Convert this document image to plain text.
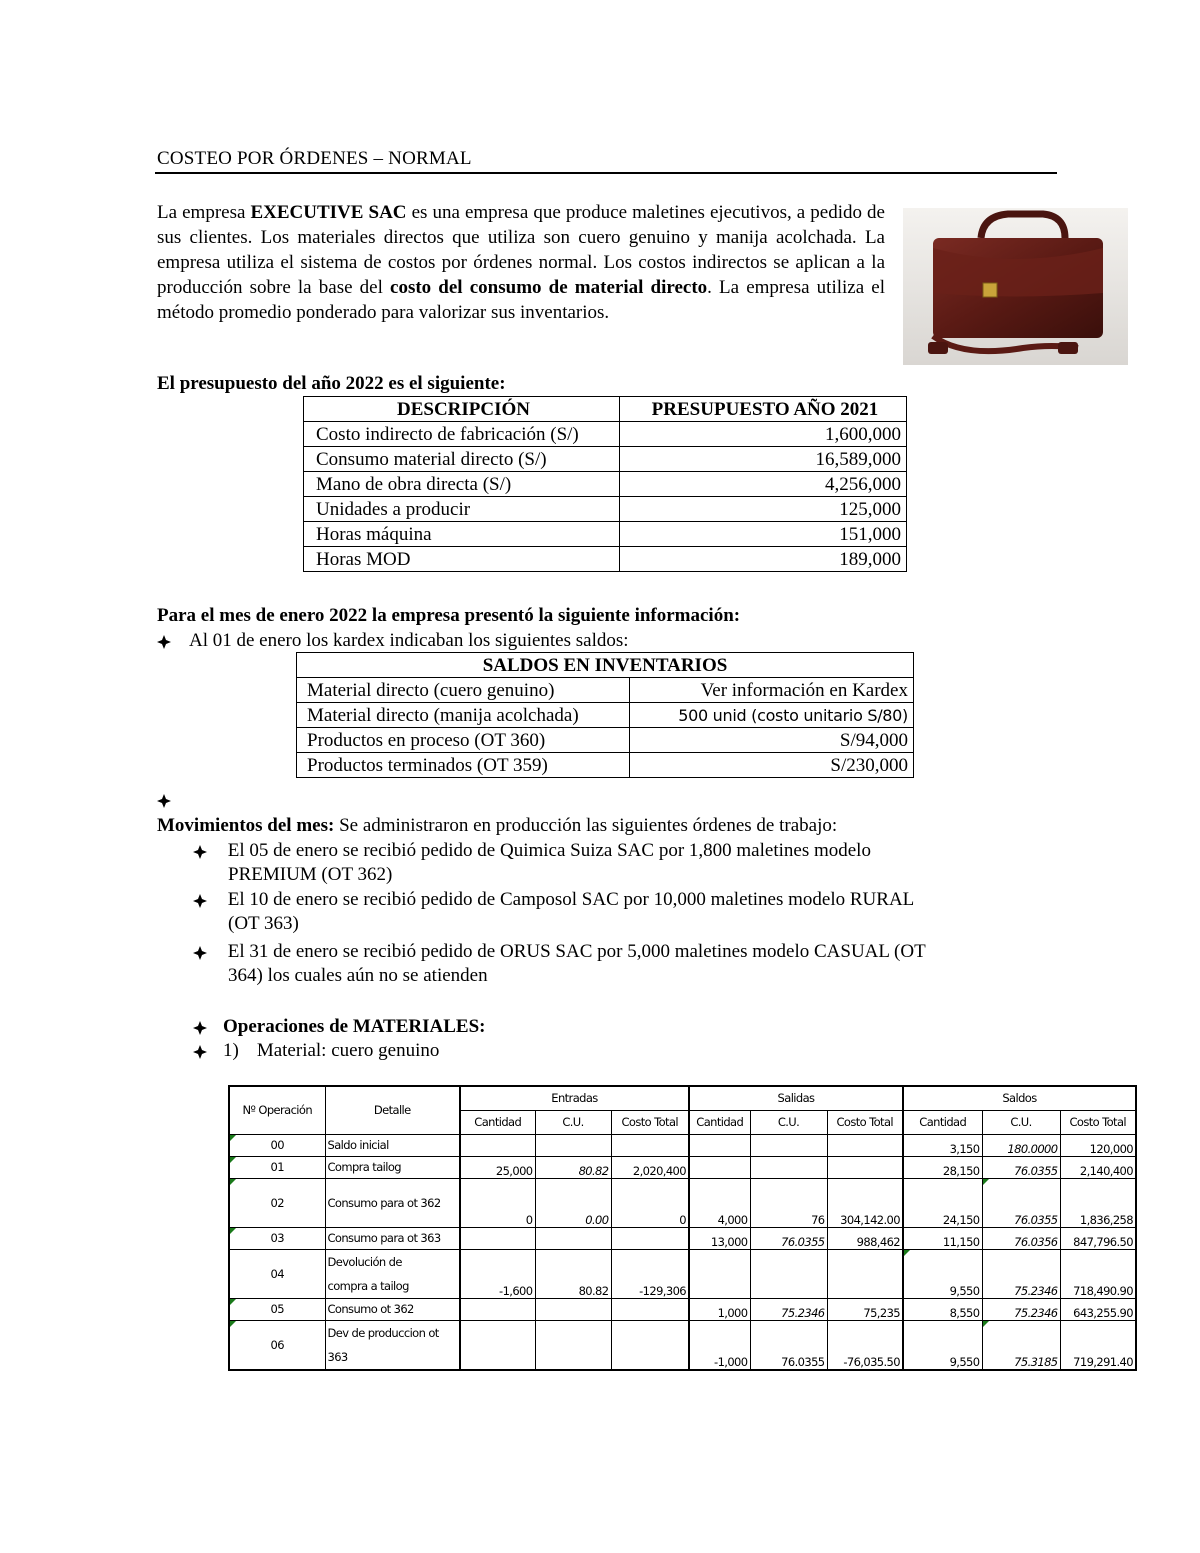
COSTEO POR ÓRDENES – NORMAL
La empresa EXECUTIVE SAC es una empresa que produce maletines ejecutivos, a pedido de sus clientes. Los materiales directos que utiliza son cuero genuino y manija acolchada. La empresa utiliza el sistema de costos por órdenes normal. Los costos indirectos se aplican a la producción sobre la base del costo del consumo de material directo. La empresa utiliza el método promedio ponderado para valorizar sus inventarios.
El presupuesto del año 2022 es el siguiente:
DESCRIPCIÓN	PRESUPUESTO AÑO 2021
Costo indirecto de fabricación (S/)	1,600,000
Consumo material directo (S/)	16,589,000
Mano de obra directa (S/)	4,256,000
Unidades a producir	125,000
Horas máquina	151,000
Horas MOD	189,000
Para el mes de enero 2022 la empresa presentó la siguiente información:
Al 01 de enero los kardex indicaban los siguientes saldos:
SALDOS EN INVENTARIOS	
Material directo (cuero genuino)	Ver información en Kardex
Material directo (manija acolchada)	500 unid (costo unitario S/80)
Productos en proceso (OT 360)	S/94,000
Productos terminados (OT 359)	S/230,000
Movimientos del mes: Se administraron en producción las siguientes órdenes de trabajo:
El 05 de enero se recibió pedido de Quimica Suiza SAC por 1,800 maletines modelo
PREMIUM (OT 362)
El 10 de enero se recibió pedido de Camposol SAC por 10,000 maletines modelo RURAL
(OT 363)
El 31 de enero se recibió pedido de ORUS SAC por 5,000 maletines modelo CASUAL (OT
364) los cuales aún no se atienden
Operaciones de MATERIALES:
1) Material: cuero genuino
Nº Operación	Detalle	Entradas			Salidas			Saldos		
		Cantidad	C.U.	Costo Total	Cantidad	C.U.	Costo Total	Cantidad	C.U.	Costo Total
00	Saldo inicial							3,150	180.0000	120,000
01	Compra tailog	25,000	80.82	2,020,400				28,150	76.0355	2,140,400
02	Consumo para ot 362	0	0.00	0	4,000	76	304,142.00	24,150	76.0355	1,836,258
03	Consumo para ot 363				13,000	76.0355	988,462	11,150	76.0356	847,796.50
04	Devolución de
compra a tailog	-1,600	80.82	-129,306				9,550	75.2346	718,490.90
05	Consumo ot 362				1,000	75.2346	75,235	8,550	75.2346	643,255.90
06	Dev de produccion ot
363				-1,000	76.0355	-76,035.50	9,550	75.3185	719,291.40
